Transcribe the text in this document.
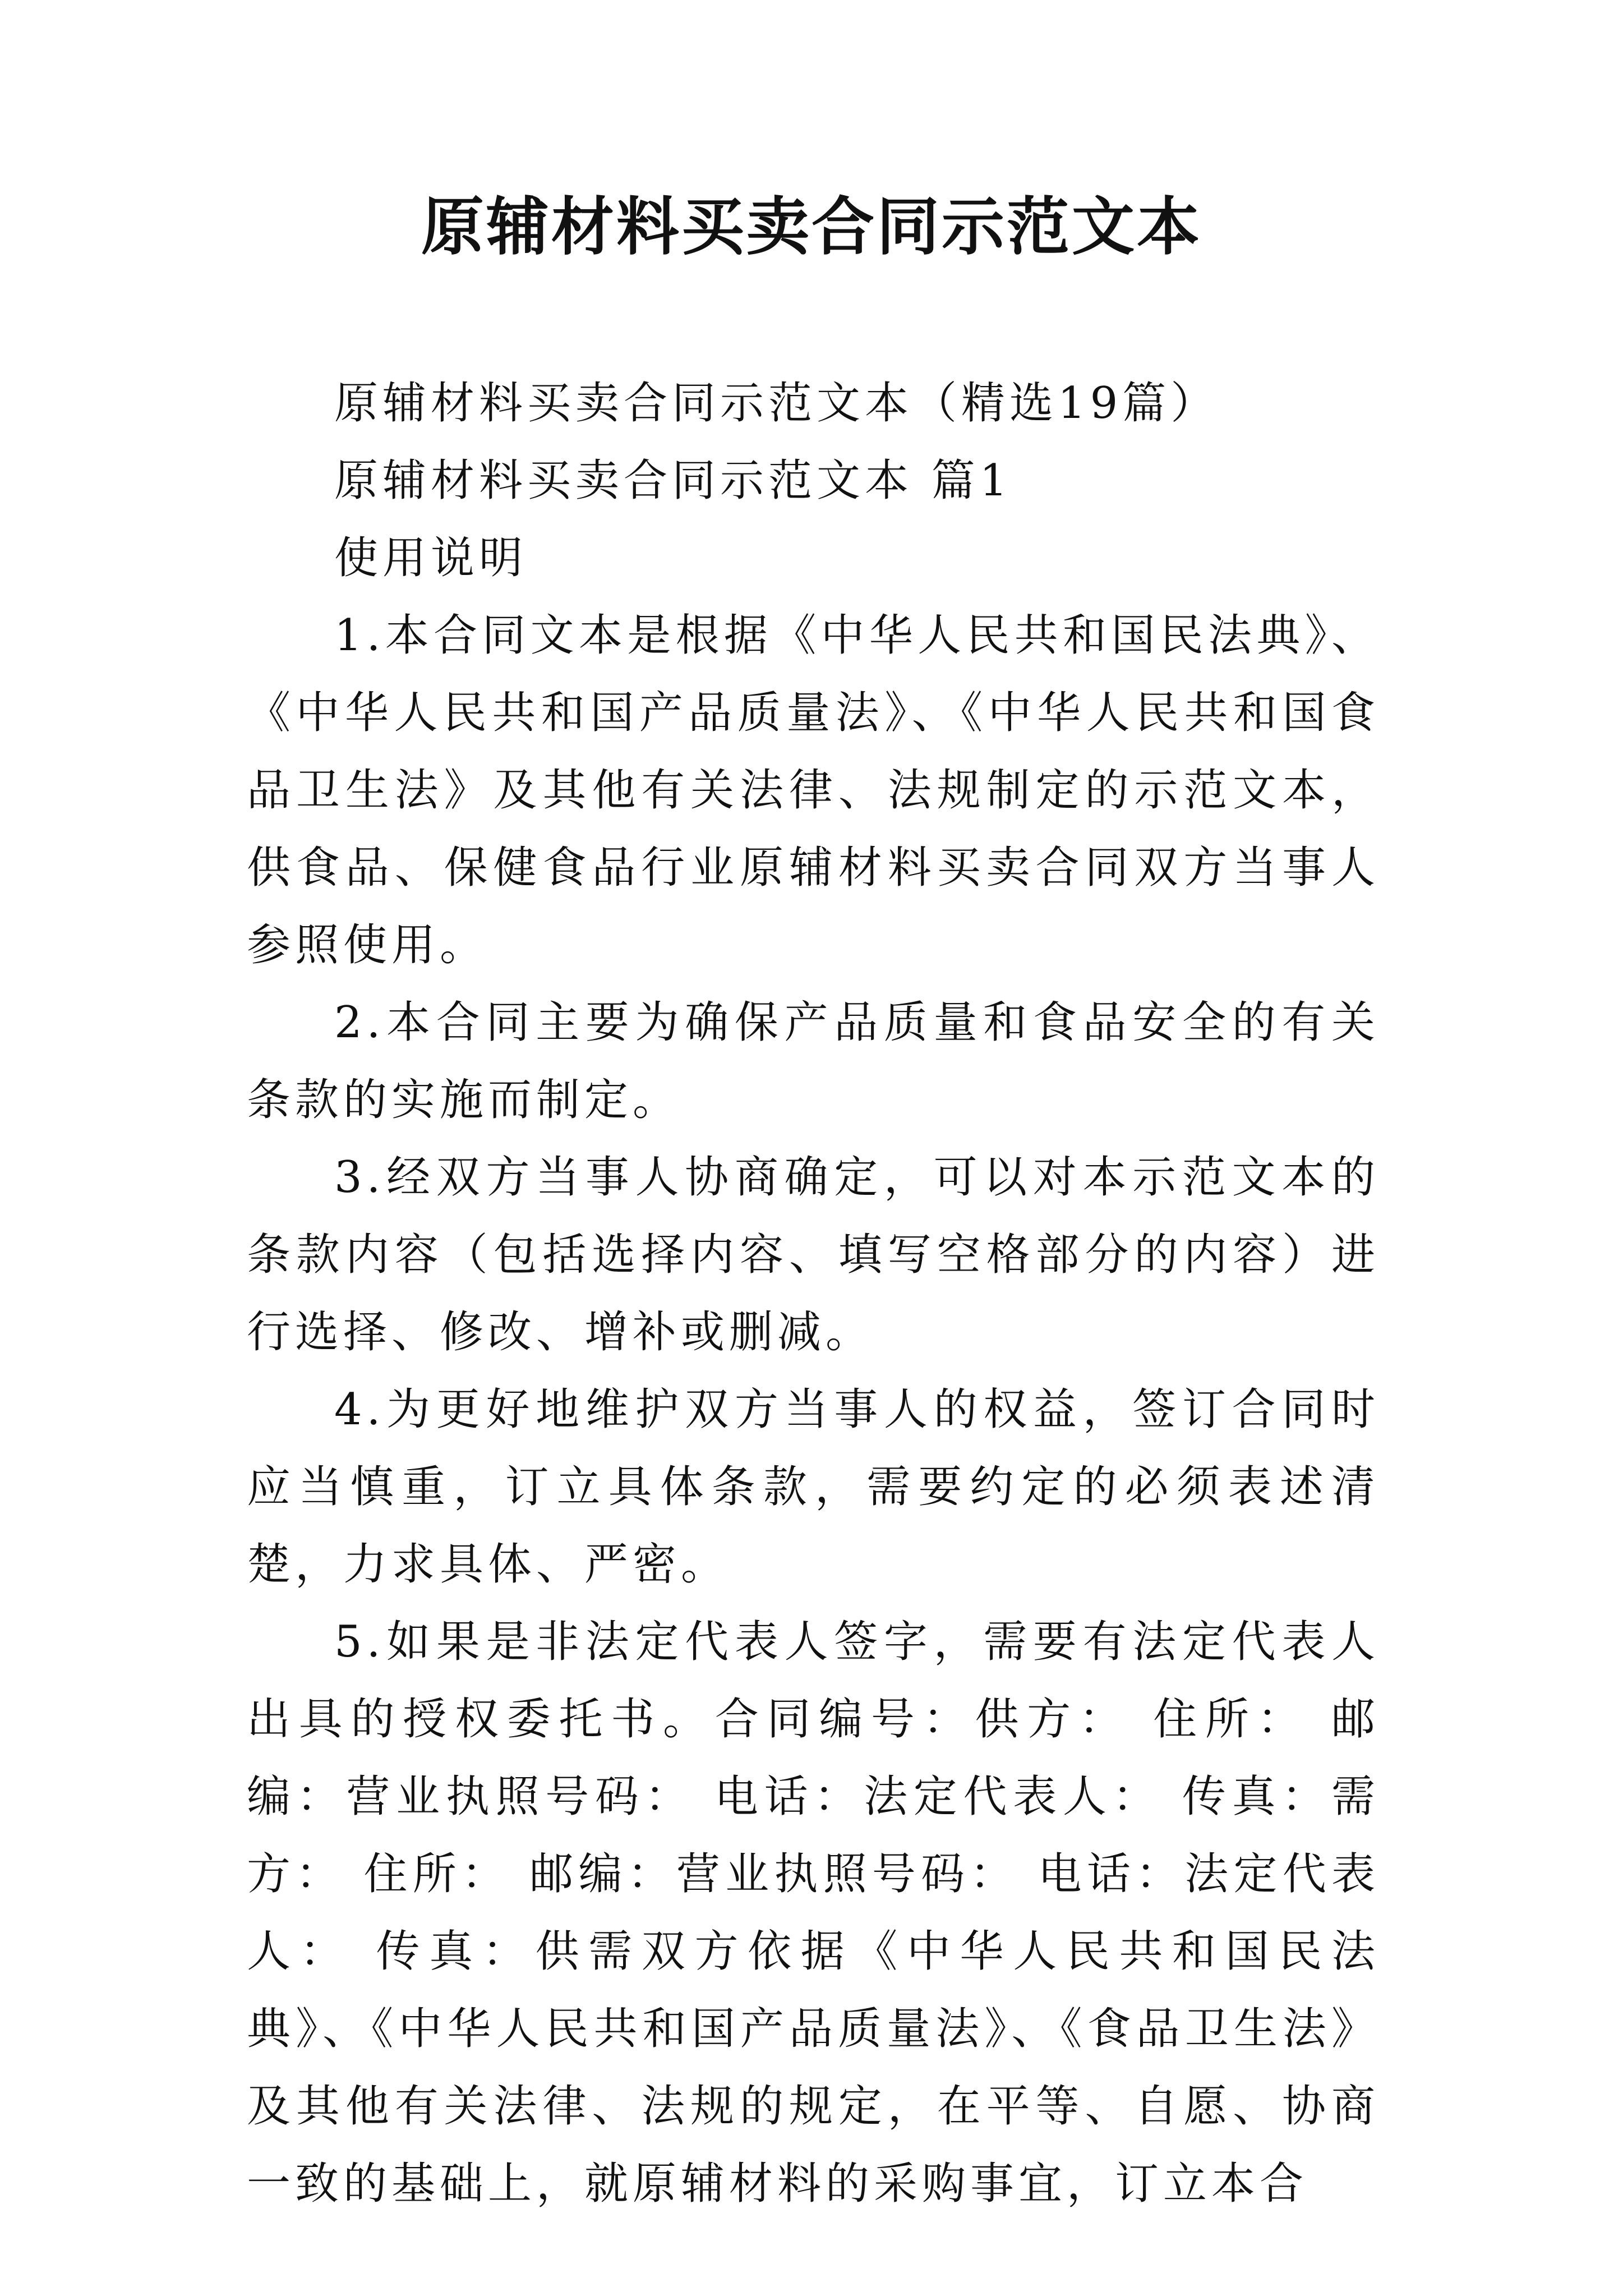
原辅材料买卖合同示范文本

原辅材料买卖合同示范文本（精选19篇）

原辅材料买卖合同示范文本 篇1

使用说明

1.本合同文本是根据《中华人民共和国民法典》、《中华人民共和国产品质量法》、《中华人民共和国食品卫生法》及其他有关法律、法规制定的示范文本，供食品、保健食品行业原辅材料买卖合同双方当事人参照使用。

2.本合同主要为确保产品质量和食品安全的有关条款的实施而制定。

3.经双方当事人协商确定，可以对本示范文本的条款内容（包括选择内容、填写空格部分的内容）进行选择、修改、增补或删减。

4.为更好地维护双方当事人的权益，签订合同时应当慎重，订立具体条款，需要约定的必须表述清楚，力求具体、严密。

5.如果是非法定代表人签字，需要有法定代表人出具的授权委托书。合同编号：供方： 住所： 邮编：营业执照号码： 电话：法定代表人： 传真：需方： 住所： 邮编：营业执照号码： 电话：法定代表人： 传真：供需双方依据《中华人民共和国民法典》、《中华人民共和国产品质量法》、《食品卫生法》及其他有关法律、法规的规定，在平等、自愿、协商一致的基础上，就原辅材料的采购事宜，订立本合
